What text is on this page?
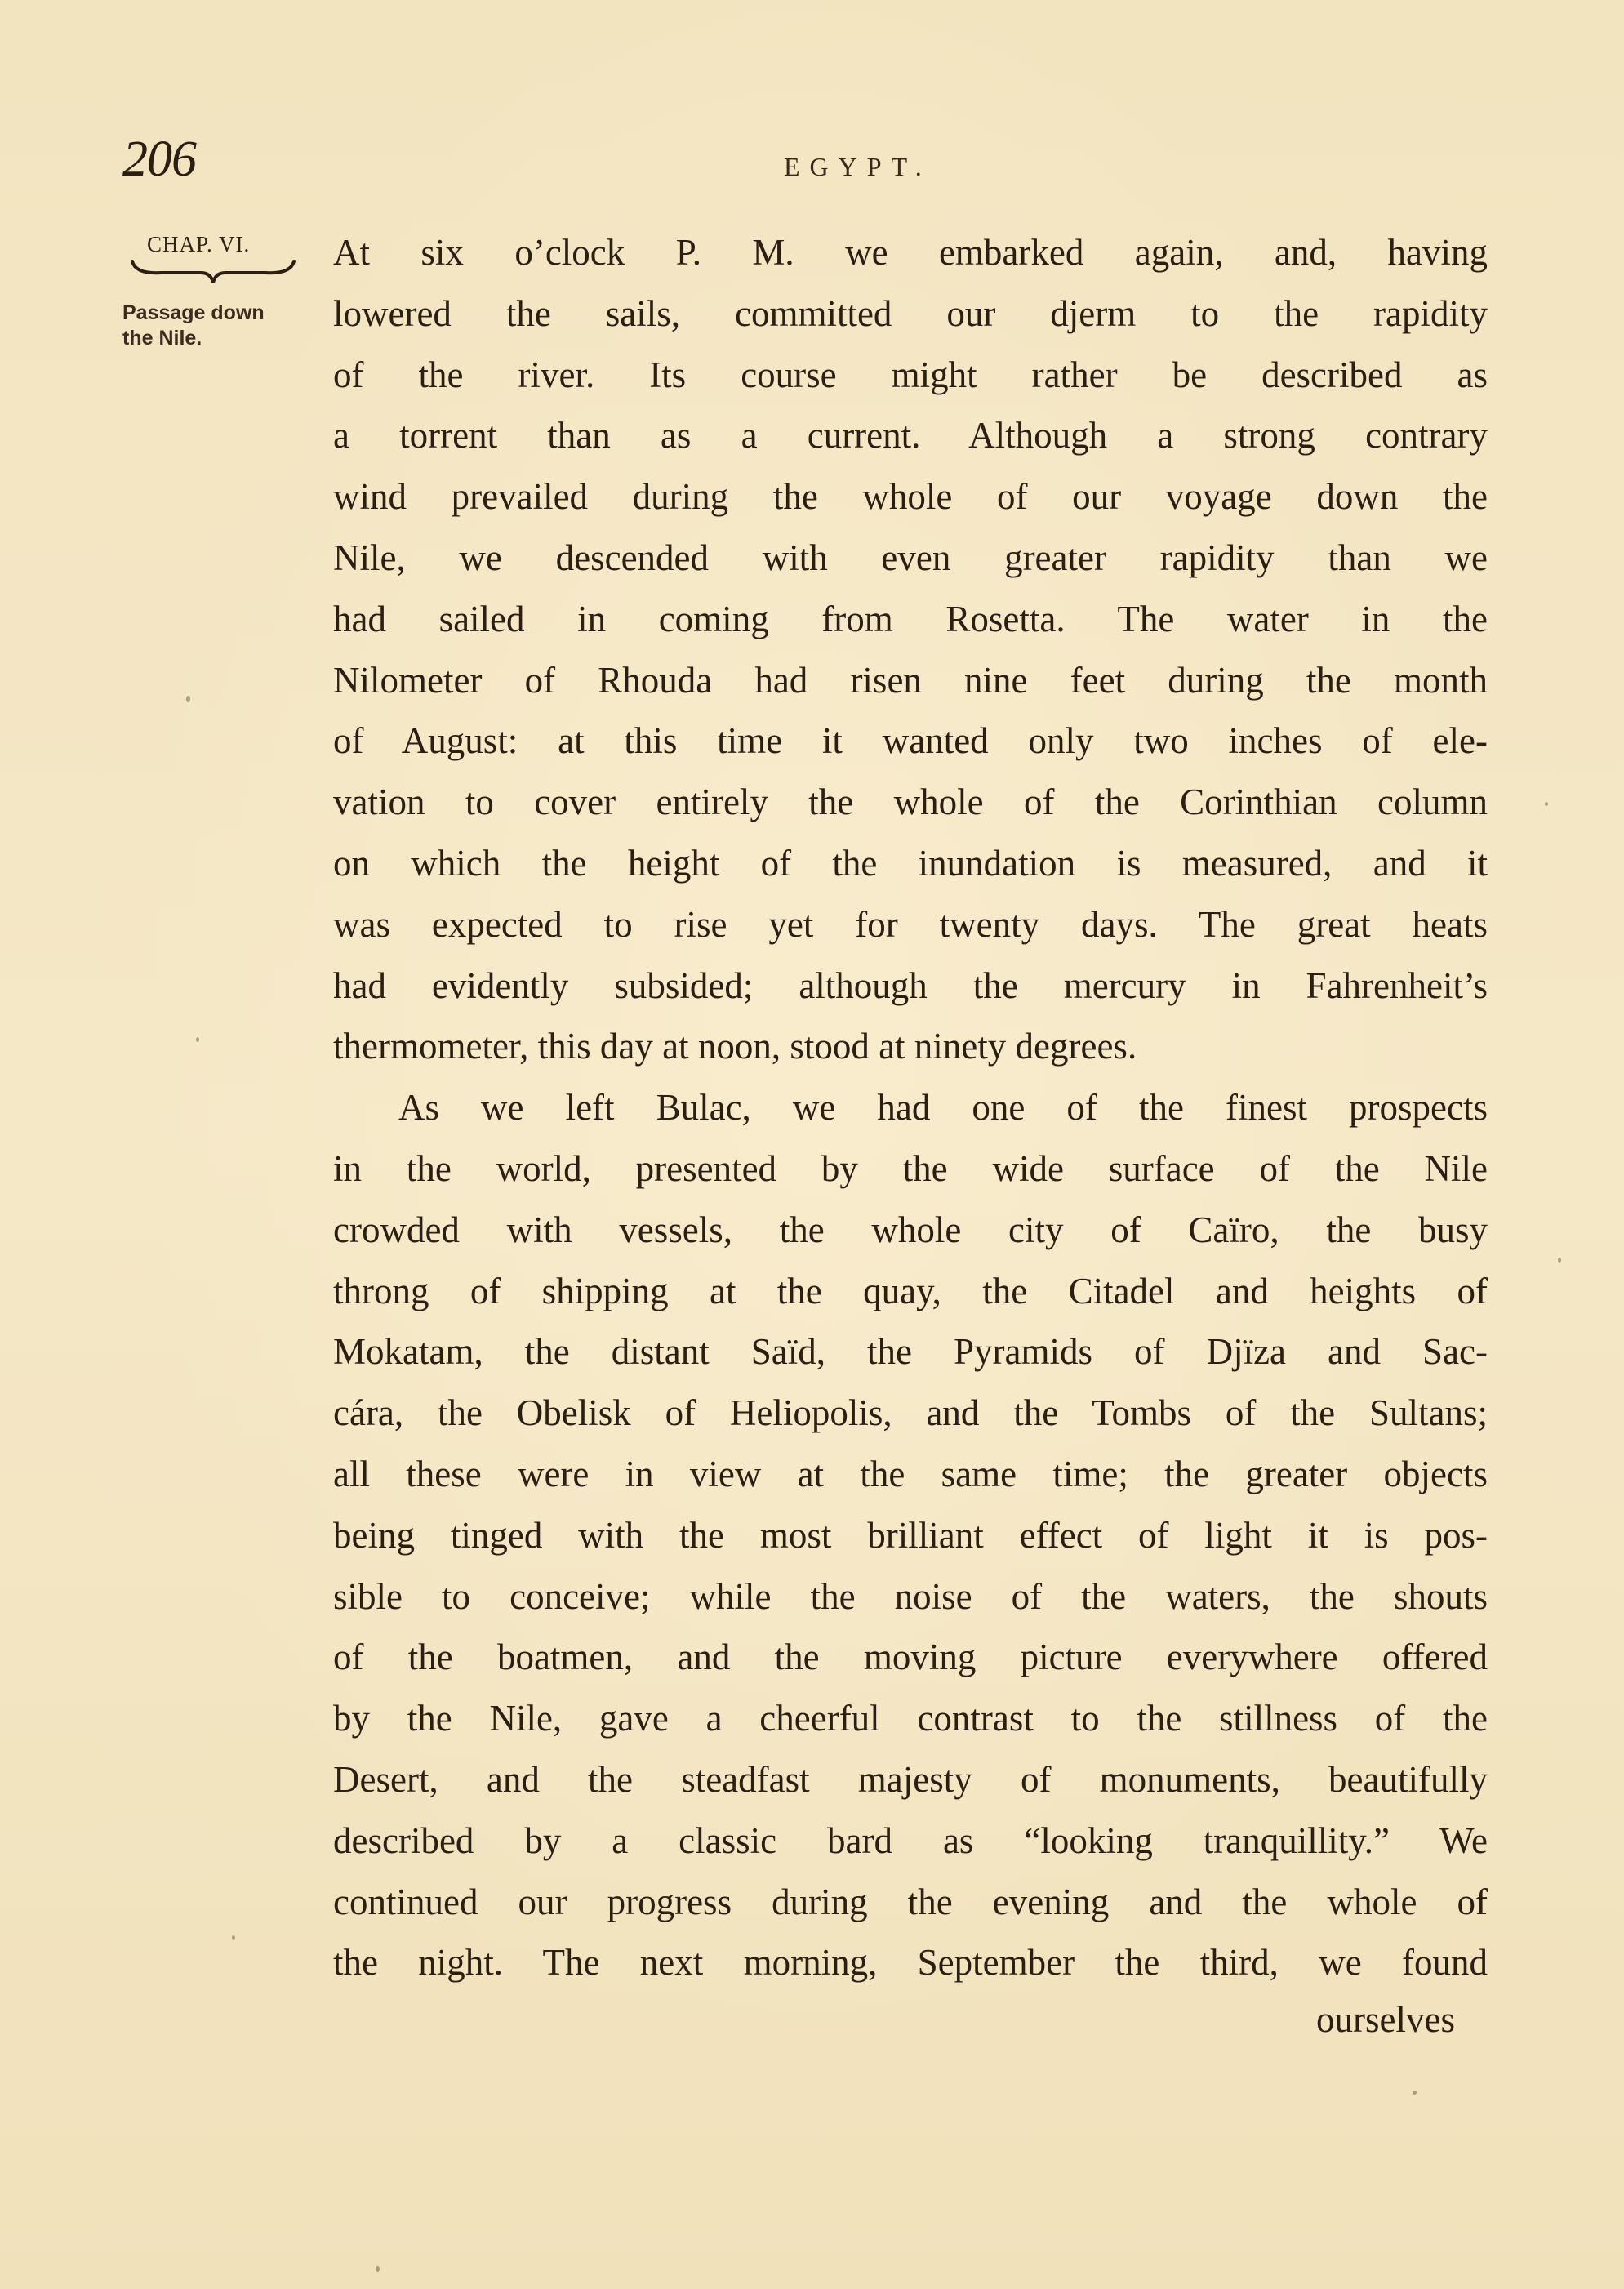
206	EGYPT.
CHAP. VI.
Passage down
the Nile.
At six o’clock P. M. we embarked again, and, having
lowered the sails, committed our djerm to the rapidity
of the river. Its course might rather be described as
a torrent than as a current. Although a strong contrary
wind prevailed during the whole of our voyage down the
Nile, we descended with even greater rapidity than we
had sailed in coming from Rosetta. The water in the
Nilometer of Rhouda had risen nine feet during the month
of August: at this time it wanted only two inches of ele-
vation to cover entirely the whole of the Corinthian column
on which the height of the inundation is measured, and it
was expected to rise yet for twenty days. The great heats
had evidently subsided; although the mercury in Fahrenheit’s
thermometer, this day at noon, stood at ninety degrees.
As we left Bulac, we had one of the finest prospects
in the world, presented by the wide surface of the Nile
crowded with vessels, the whole city of Caïro, the busy
throng of shipping at the quay, the Citadel and heights of
Mokatam, the distant Saïd, the Pyramids of Djïza and Sac-
cára, the Obelisk of Heliopolis, and the Tombs of the Sultans;
all these were in view at the same time; the greater objects
being tinged with the most brilliant effect of light it is pos-
sible to conceive; while the noise of the waters, the shouts
of the boatmen, and the moving picture everywhere offered
by the Nile, gave a cheerful contrast to the stillness of the
Desert, and the steadfast majesty of monuments, beautifully
described by a classic bard as “looking tranquillity.” We
continued our progress during the evening and the whole of
the night. The next morning, September the third, we found
ourselves
